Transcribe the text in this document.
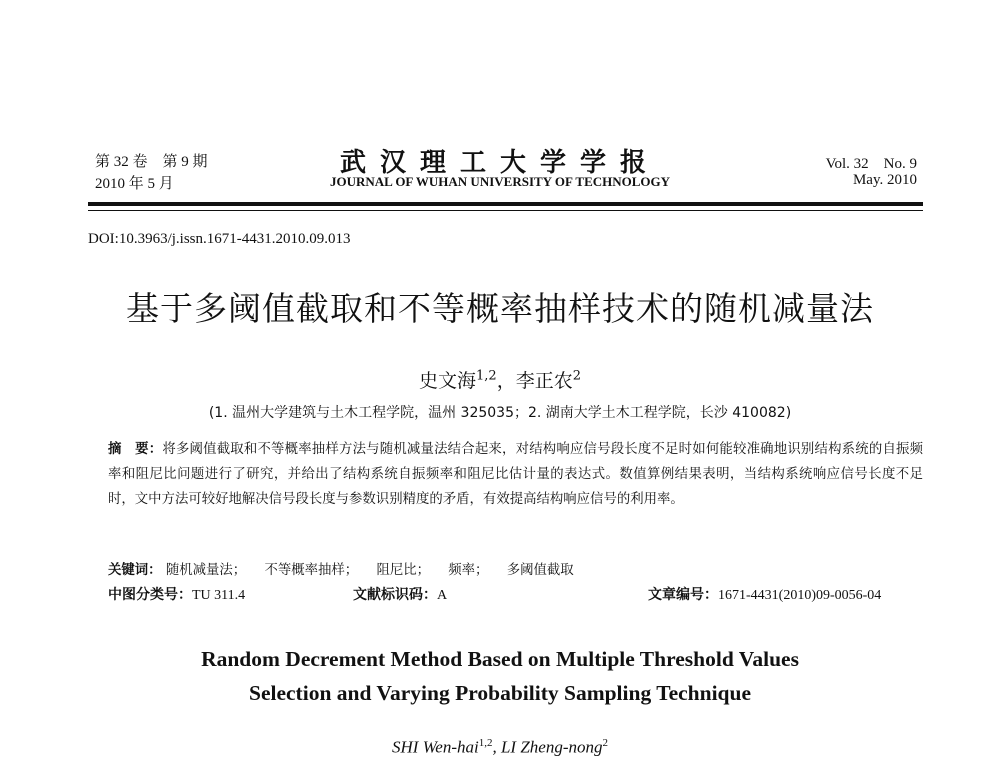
第 32 卷　第 9 期
2010 年 5 月
武汉理工大学学报
JOURNAL OF WUHAN UNIVERSITY OF TECHNOLOGY
Vol. 32　No. 9
May. 2010
DOI:10.3963/j.issn.1671-4431.2010.09.013
基于多阈值截取和不等概率抽样技术的随机减量法
史文海$^{1,2}$，李正农$^2$
(1. 温州大学建筑与土木工程学院，温州 325035；2. 湖南大学土木工程学院，长沙 410082)
摘　要：将多阈值截取和不等概率抽样方法与随机减量法结合起来，对结构响应信号段长度不足时如何能较准确地识别结构系统的自振频率和阻尼比问题进行了研究，并给出了结构系统自振频率和阻尼比估计量的表达式。数值算例结果表明，当结构系统响应信号长度不足时，文中方法可较好地解决信号段长度与参数识别精度的矛盾，有效提高结构响应信号的利用率。
关键词： 随机减量法； 不等概率抽样； 阻尼比； 频率； 多阈值截取
中图分类号：TU 311.4	文献标识码：A	文章编号：1671-4431(2010)09-0056-04
Random Decrement Method Based on Multiple Threshold Values
Selection and Varying Probability Sampling Technique
SHI Wen-hai$^{1,2}$, LI Zheng-nong$^2$
